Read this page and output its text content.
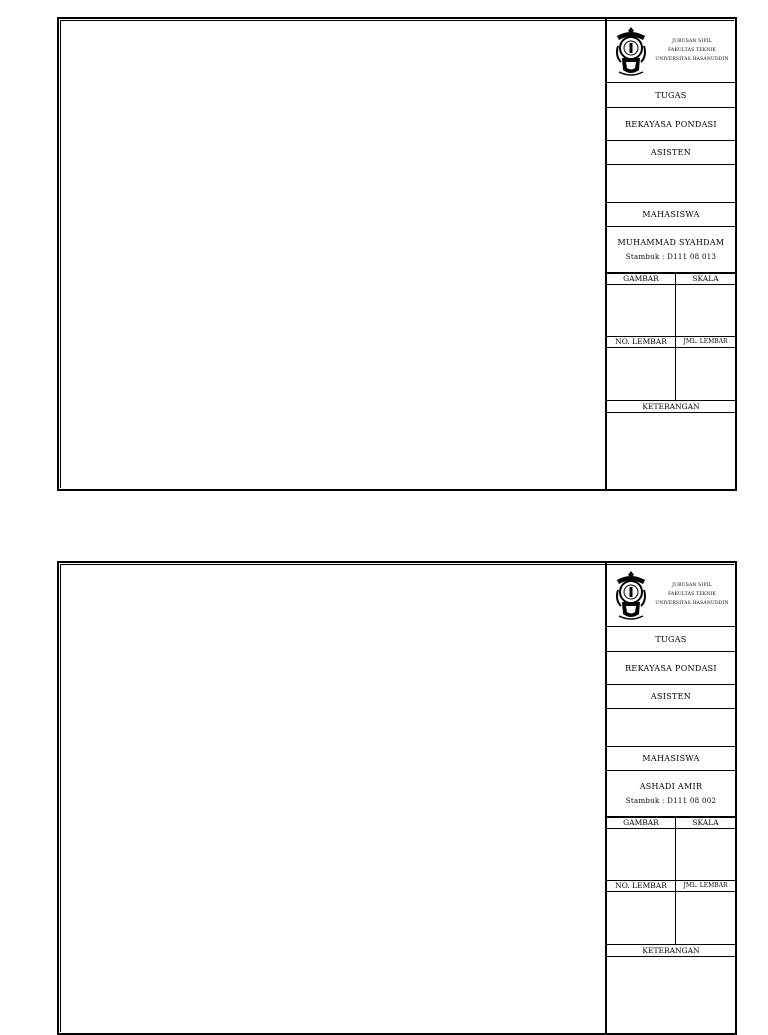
JURUSAN SIPIL
FAKULTAS TEKNIK
UNIVERSITAS HASANUDDIN
TUGAS
REKAYASA PONDASI
ASISTEN
MAHASISWA
MUHAMMAD SYAHDAM
Stambuk : D111 08 013
GAMBAR	SKALA
NO. LEMBAR	JML. LEMBAR
KETERANGAN
JURUSAN SIPIL
FAKULTAS TEKNIK
UNIVERSITAS HASANUDDIN
TUGAS
REKAYASA PONDASI
ASISTEN
MAHASISWA
ASHADI AMIR
Stambuk : D111 08 002
GAMBAR	SKALA
NO. LEMBAR	JML. LEMBAR
KETERANGAN
